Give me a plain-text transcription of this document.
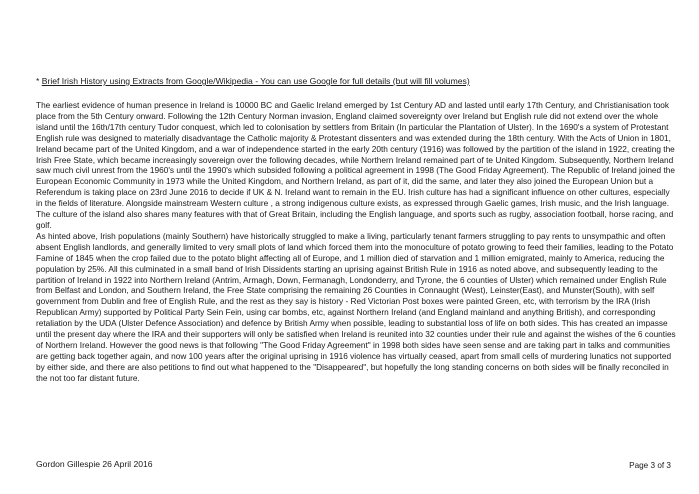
* Brief Irish History using Extracts from Google/Wikipedia - You can use Google for full details (but will fill volumes)

The earliest evidence of human presence in Ireland is 10000 BC and Gaelic Ireland emerged by 1st Century AD and lasted until early 17th Century, and Christianisation took place from the 5th Century onward. Following the 12th Century Norman invasion, England claimed sovereignty over Ireland but English rule did not extend over the whole island until the 16th/17th century Tudor conquest, which led to colonisation by settlers from Britain (In particular the Plantation of Ulster). In the 1690's a system of Protestant English rule was designed to materially disadvantage the Catholic majority & Protestant dissenters and was extended during the 18th century. With the Acts of Union in 1801, Ireland became part of the United Kingdom, and a war of independence started in the early 20th century (1916) was followed by the partition of the island in 1922, creating the Irish Free State, which became increasingly sovereign over the following decades, while Northern Ireland remained part of te United Kingdom. Subsequently, Northern Ireland saw much civil unrest from the 1960's until the 1990's which subsided following a political agreement in 1998 (The Good Friday Agreement). The Republic of Ireland joined the European Economic Community in 1973 while the United Kingdom, and Northern Ireland, as part of it, did the same, and later they also joined the European Union but a Referendum is taking place on 23rd June 2016 to decide if UK & N. Ireland want to remain in the EU. Irish culture has had a significant influence on other cultures, especially in the fields of literature. Alongside mainstream Western culture , a strong indigenous culture exists, as expressed through Gaelic games, Irish music, and the Irish language. The culture of the island also shares many features with that of Great Britain, including the English language, and sports such as rugby, association football, horse racing, and golf.

As hinted above, Irish populations (mainly Southern) have historically struggled to make a living, particularly tenant farmers struggling to pay rents to unsympathic and often absent English landlords, and generally limited to very small plots of land which forced them into the monoculture of potato growing to feed their families, leading to the Potato Famine of 1845 when the crop failed due to the potato blight affecting all of Europe, and 1 million died of starvation and 1 million emigrated, mainly to America, reducing the population by 25%. All this culminated in a small band of Irish Dissidents starting an uprising against British Rule in 1916 as noted above, and subsequently leading to the partition of Ireland in 1922 into Northern Ireland (Antrim, Armagh, Down, Fermanagh, Londonderry, and Tyrone, the 6 counties of Ulster) which remained under English Rule from Belfast and London, and Southern Ireland, the Free State comprising the remaining 26 Counties in Connaught (West), Leinster(East), and Munster(South), with self government from Dublin and free of English Rule, and the rest as they say is history - Red Victorian Post boxes were painted Green, etc, with terrorism by the IRA (Irish Republican Army) supported by Political Party Sein Fein, using car bombs, etc, against Northern Ireland (and England mainland and anything British), and corresponding retaliation by the UDA (Ulster Defence Association) and defence by British Army when possible, leading to substantial loss of life on both sides. This has created an impasse until the present day where the IRA and their supporters will only be satisfied when Ireland is reunited into 32 counties under their rule and against the wishes of the 6 counties of Northern Ireland. However the good news is that following "The Good Friday Agreement" in 1998 both sides have seen sense and are taking part in talks and communities are getting back together again, and now 100 years after the original uprising in 1916 violence has virtually ceased, apart from small cells of murdering lunatics not supported by either side, and there are also petitions to find out what happened to the "Disappeared", but hopefully the long standing concerns on both sides will be finally reconciled in the not too far distant future.

Gordon Gillespie 26 April 2016	Page 3 of 3
